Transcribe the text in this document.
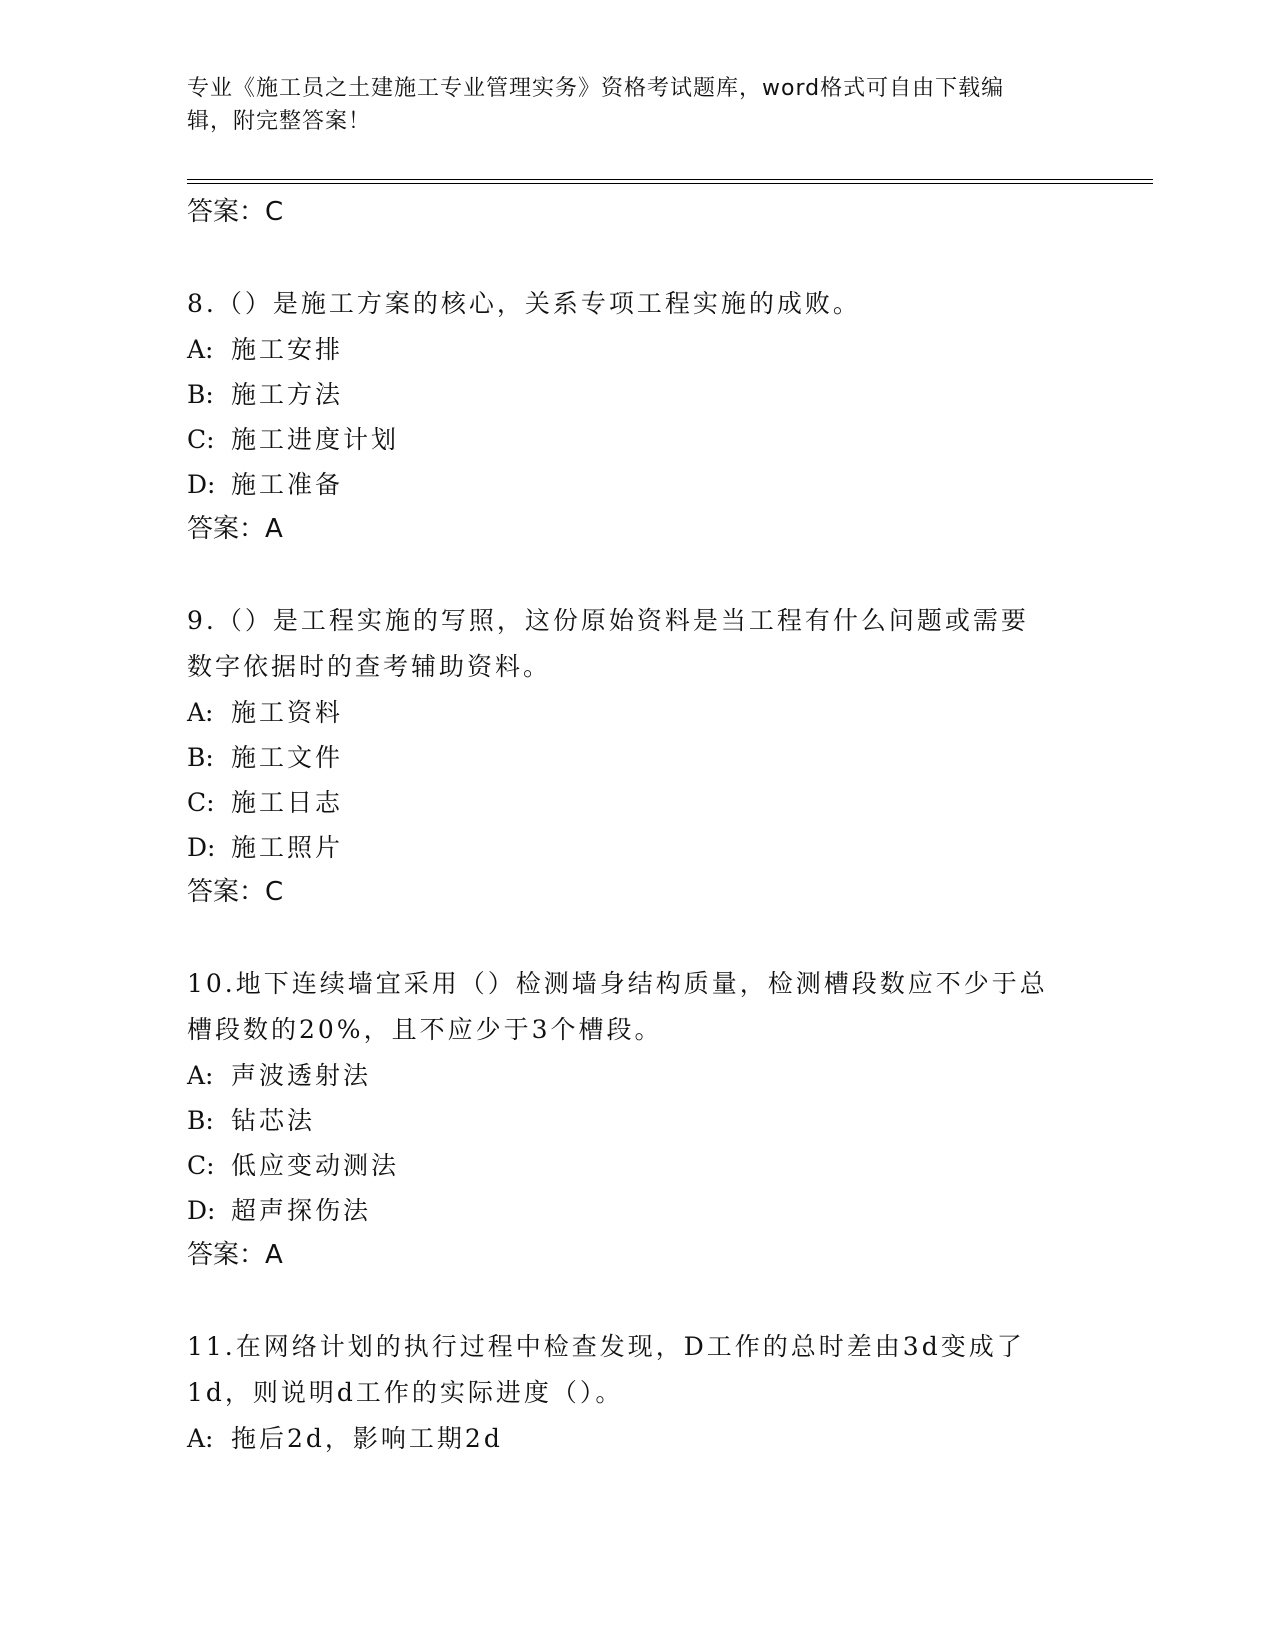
专业《施工员之土建施工专业管理实务》资格考试题库，word格式可自由下载编
辑，附完整答案！
答案：C
8.（）是施工方案的核心，关系专项工程实施的成败。
A: 施工安排
B: 施工方法
C: 施工进度计划
D: 施工准备
答案：A
9.（）是工程实施的写照，这份原始资料是当工程有什么问题或需要
数字依据时的查考辅助资料。
A: 施工资料
B: 施工文件
C: 施工日志
D: 施工照片
答案：C
10.地下连续墙宜采用（）检测墙身结构质量，检测槽段数应不少于总
槽段数的20%，且不应少于3个槽段。
A: 声波透射法
B: 钻芯法
C: 低应变动测法
D: 超声探伤法
答案：A
11.在网络计划的执行过程中检查发现，D工作的总时差由3d变成了
1d，则说明d工作的实际进度（）。
A: 拖后2d，影响工期2d
